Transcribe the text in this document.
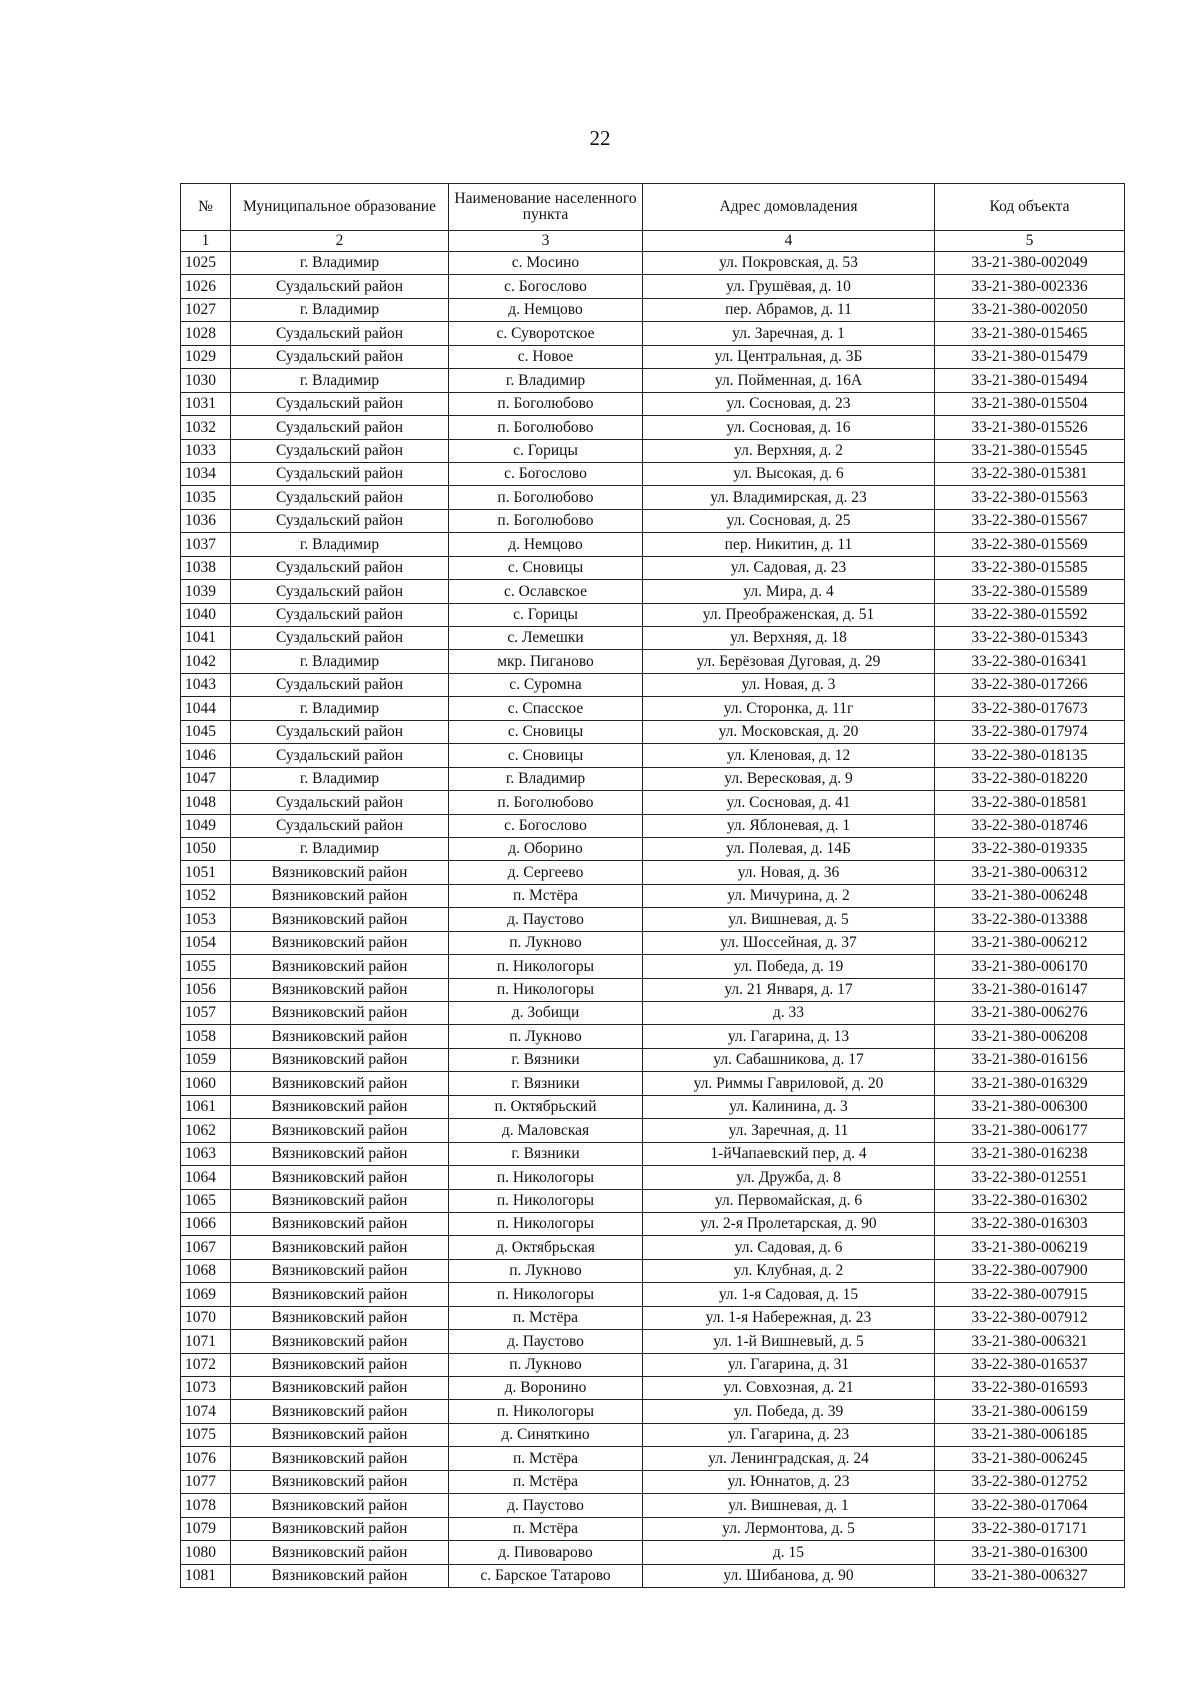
22
№	Муниципальное образование	Наименование населенного пункта	Адрес домовладения	Код объекта
1	2	3	4	5
1025	г. Владимир	с. Мосино	ул. Покровская, д. 53	33-21-380-002049
1026	Суздальский район	с. Богослово	ул. Грушёвая, д. 10	33-21-380-002336
1027	г. Владимир	д. Немцово	пер. Абрамов, д. 11	33-21-380-002050
1028	Суздальский район	с. Суворотское	ул. Заречная, д. 1	33-21-380-015465
1029	Суздальский район	с. Новое	ул. Центральная, д. 3Б	33-21-380-015479
1030	г. Владимир	г. Владимир	ул. Пойменная, д. 16А	33-21-380-015494
1031	Суздальский район	п. Боголюбово	ул. Сосновая, д. 23	33-21-380-015504
1032	Суздальский район	п. Боголюбово	ул. Сосновая, д. 16	33-21-380-015526
1033	Суздальский район	с. Горицы	ул. Верхняя, д. 2	33-21-380-015545
1034	Суздальский район	с. Богослово	ул. Высокая, д. 6	33-22-380-015381
1035	Суздальский район	п. Боголюбово	ул. Владимирская, д. 23	33-22-380-015563
1036	Суздальский район	п. Боголюбово	ул. Сосновая, д. 25	33-22-380-015567
1037	г. Владимир	д. Немцово	пер. Никитин, д. 11	33-22-380-015569
1038	Суздальский район	с. Сновицы	ул. Садовая, д. 23	33-22-380-015585
1039	Суздальский район	с. Ославское	ул. Мира, д. 4	33-22-380-015589
1040	Суздальский район	с. Горицы	ул. Преображенская, д. 51	33-22-380-015592
1041	Суздальский район	с. Лемешки	ул. Верхняя, д. 18	33-22-380-015343
1042	г. Владимир	мкр. Пиганово	ул. Берёзовая Дуговая, д. 29	33-22-380-016341
1043	Суздальский район	с. Суромна	ул. Новая, д. 3	33-22-380-017266
1044	г. Владимир	с. Спасское	ул. Сторонка, д. 11г	33-22-380-017673
1045	Суздальский район	с. Сновицы	ул. Московская, д. 20	33-22-380-017974
1046	Суздальский район	с. Сновицы	ул. Кленовая, д. 12	33-22-380-018135
1047	г. Владимир	г. Владимир	ул. Вересковая, д. 9	33-22-380-018220
1048	Суздальский район	п. Боголюбово	ул. Сосновая, д. 41	33-22-380-018581
1049	Суздальский район	с. Богослово	ул. Яблоневая, д. 1	33-22-380-018746
1050	г. Владимир	д. Оборино	ул. Полевая, д. 14Б	33-22-380-019335
1051	Вязниковский район	д. Сергеево	ул. Новая, д. 36	33-21-380-006312
1052	Вязниковский район	п. Мстёра	ул. Мичурина, д. 2	33-21-380-006248
1053	Вязниковский район	д. Паустово	ул. Вишневая, д. 5	33-22-380-013388
1054	Вязниковский район	п. Лукново	ул. Шоссейная, д. 37	33-21-380-006212
1055	Вязниковский район	п. Никологоры	ул. Победа, д. 19	33-21-380-006170
1056	Вязниковский район	п. Никологоры	ул. 21 Января, д. 17	33-21-380-016147
1057	Вязниковский район	д. Зобищи	д. 33	33-21-380-006276
1058	Вязниковский район	п. Лукново	ул. Гагарина, д. 13	33-21-380-006208
1059	Вязниковский район	г. Вязники	ул. Сабашникова, д. 17	33-21-380-016156
1060	Вязниковский район	г. Вязники	ул. Риммы Гавриловой, д. 20	33-21-380-016329
1061	Вязниковский район	п. Октябрьский	ул. Калинина, д. 3	33-21-380-006300
1062	Вязниковский район	д. Маловская	ул. Заречная, д. 11	33-21-380-006177
1063	Вязниковский район	г. Вязники	1-йЧапаевский пер, д. 4	33-21-380-016238
1064	Вязниковский район	п. Никологоры	ул. Дружба, д. 8	33-22-380-012551
1065	Вязниковский район	п. Никологоры	ул. Первомайская, д. 6	33-22-380-016302
1066	Вязниковский район	п. Никологоры	ул. 2-я Пролетарская, д. 90	33-22-380-016303
1067	Вязниковский район	д. Октябрьская	ул. Садовая, д. 6	33-21-380-006219
1068	Вязниковский район	п. Лукново	ул. Клубная, д. 2	33-22-380-007900
1069	Вязниковский район	п. Никологоры	ул. 1-я Садовая, д. 15	33-22-380-007915
1070	Вязниковский район	п. Мстёра	ул. 1-я Набережная, д. 23	33-22-380-007912
1071	Вязниковский район	д. Паустово	ул. 1-й Вишневый, д. 5	33-21-380-006321
1072	Вязниковский район	п. Лукново	ул. Гагарина, д. 31	33-22-380-016537
1073	Вязниковский район	д. Воронино	ул. Совхозная, д. 21	33-22-380-016593
1074	Вязниковский район	п. Никологоры	ул. Победа, д. 39	33-21-380-006159
1075	Вязниковский район	д. Синяткино	ул. Гагарина, д. 23	33-21-380-006185
1076	Вязниковский район	п. Мстёра	ул. Ленинградская, д. 24	33-21-380-006245
1077	Вязниковский район	п. Мстёра	ул. Юннатов, д. 23	33-22-380-012752
1078	Вязниковский район	д. Паустово	ул. Вишневая, д. 1	33-22-380-017064
1079	Вязниковский район	п. Мстёра	ул. Лермонтова, д. 5	33-22-380-017171
1080	Вязниковский район	д. Пивоварово	д. 15	33-21-380-016300
1081	Вязниковский район	с. Барское Татарово	ул. Шибанова, д. 90	33-21-380-006327
